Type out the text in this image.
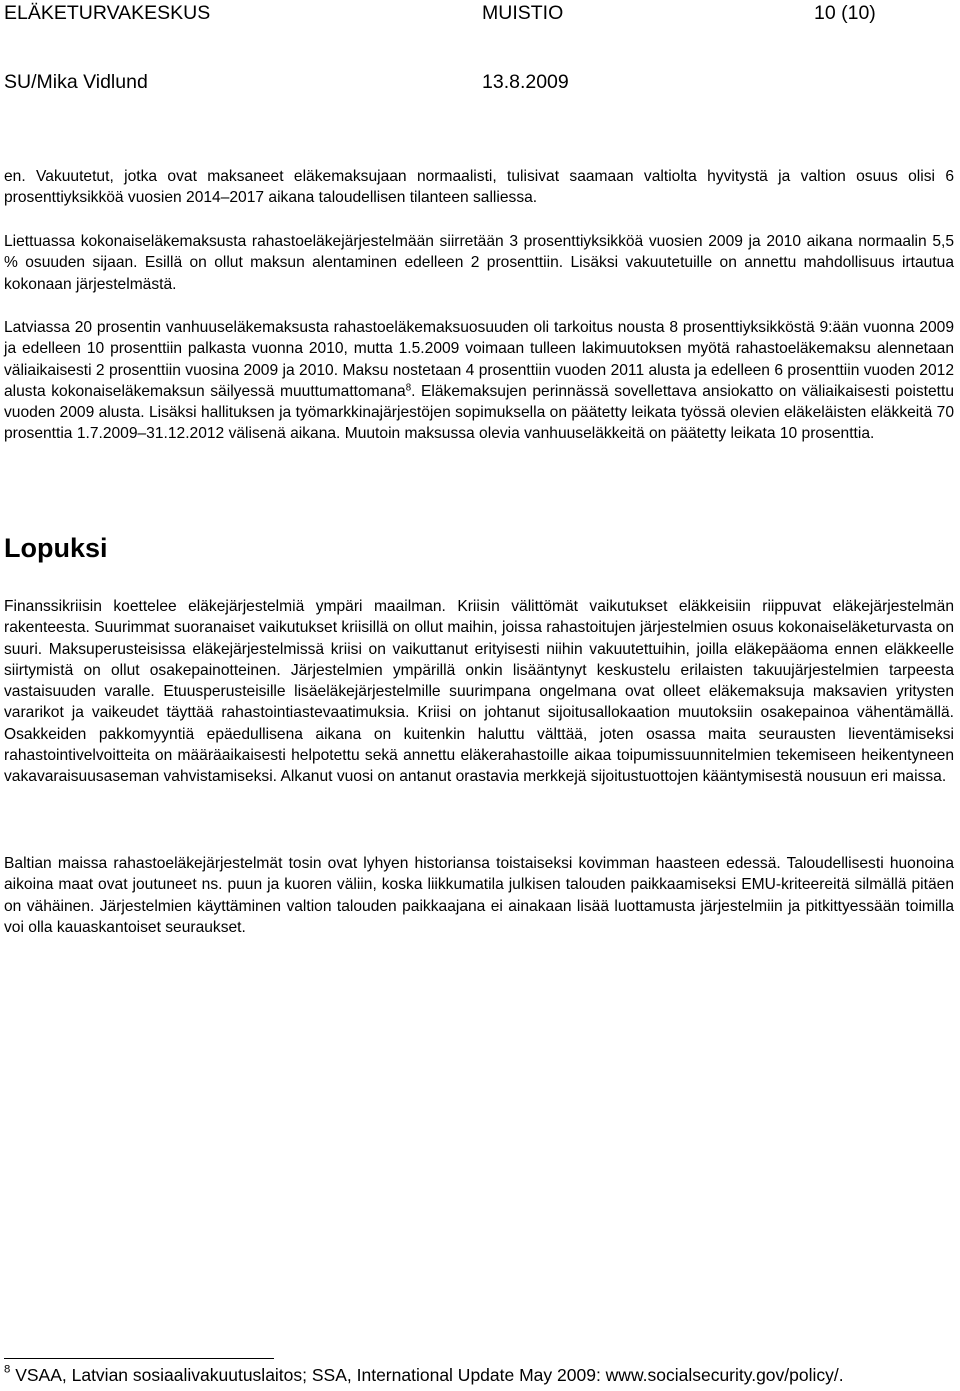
ELÄKETURVAKESKUS	MUISTIO	10 (10)
SU/Mika Vidlund	13.8.2009

en. Vakuutetut, jotka ovat maksaneet eläkemaksujaan normaalisti, tulisivat saamaan valtiolta hyvitystä ja valtion osuus olisi 6 prosenttiyksikköä vuosien 2014–2017 aikana taloudellisen tilanteen salliessa.

Liettuassa kokonaiseläkemaksusta rahastoeläkejärjestelmään siirretään 3 prosenttiyksikköä vuosien 2009 ja 2010 aikana normaalin 5,5 % osuuden sijaan. Esillä on ollut maksun alentaminen edelleen 2 prosenttiin. Lisäksi vakuutetuille on annettu mahdollisuus irtautua kokonaan järjestelmästä.

Latviassa 20 prosentin vanhuuseläkemaksusta rahastoeläkemaksuosuuden oli tarkoitus nousta 8 prosenttiyksikköstä 9:ään vuonna 2009 ja edelleen 10 prosenttiin palkasta vuonna 2010, mutta 1.5.2009 voimaan tulleen lakimuutoksen myötä rahastoeläkemaksu alennetaan väliaikaisesti 2 prosenttiin vuosina 2009 ja 2010. Maksu nostetaan 4 prosenttiin vuoden 2011 alusta ja edelleen 6 prosenttiin vuoden 2012 alusta kokonaiseläkemaksun säilyessä muuttumattomana$^8$. Eläkemaksujen perinnässä sovellettava ansiokatto on väliaikaisesti poistettu vuoden 2009 alusta. Lisäksi hallituksen ja työmarkkinajärjestöjen sopimuksella on päätetty leikata työssä olevien eläkeläisten eläkkeitä 70 prosenttia 1.7.2009–31.12.2012 välisenä aikana. Muutoin maksussa olevia vanhuuseläkkeitä on päätetty leikata 10 prosenttia.

Lopuksi

Finanssikriisin koettelee eläkejärjestelmiä ympäri maailman. Kriisin välittömät vaikutukset eläkkeisiin riippuvat eläkejärjestelmän rakenteesta. Suurimmat suoranaiset vaikutukset kriisillä on ollut maihin, joissa rahastoitujen järjestelmien osuus kokonaiseläketurvasta on suuri. Maksuperusteisissa eläkejärjestelmissä kriisi on vaikuttanut erityisesti niihin vakuutettuihin, joilla eläkepääoma ennen eläkkeelle siirtymistä on ollut osakepainotteinen. Järjestelmien ympärillä onkin lisääntynyt keskustelu erilaisten takuujärjestelmien tarpeesta vastaisuuden varalle. Etuusperusteisille lisäeläkejärjestelmille suurimpana ongelmana ovat olleet eläkemaksuja maksavien yritysten vararikot ja vaikeudet täyttää rahastointiastevaatimuksia. Kriisi on johtanut sijoitusallokaation muutoksiin osakepainoa vähentämällä. Osakkeiden pakkomyyntiä epäedullisena aikana on kuitenkin haluttu välttää, joten osassa maita seurausten lieventämiseksi rahastointivelvoitteita on määräaikaisesti helpotettu sekä annettu eläkerahastoille aikaa toipumissuunnitelmien tekemiseen heikentyneen vakavaraisuusaseman vahvistamiseksi. Alkanut vuosi on antanut orastavia merkkejä sijoitustuottojen kääntymisestä nousuun eri maissa.

Baltian maissa rahastoeläkejärjestelmät tosin ovat lyhyen historiansa toistaiseksi kovimman haasteen edessä. Taloudellisesti huonoina aikoina maat ovat joutuneet ns. puun ja kuoren väliin, koska liikkumatila julkisen talouden paikkaamiseksi EMU-kriteereitä silmällä pitäen on vähäinen. Järjestelmien käyttäminen valtion talouden paikkaajana ei ainakaan lisää luottamusta järjestelmiin ja pitkittyessään toimilla voi olla kauaskantoiset seuraukset.

$^8$ VSAA, Latvian sosiaalivakuutuslaitos; SSA, International Update May 2009: www.socialsecurity.gov/policy/.
